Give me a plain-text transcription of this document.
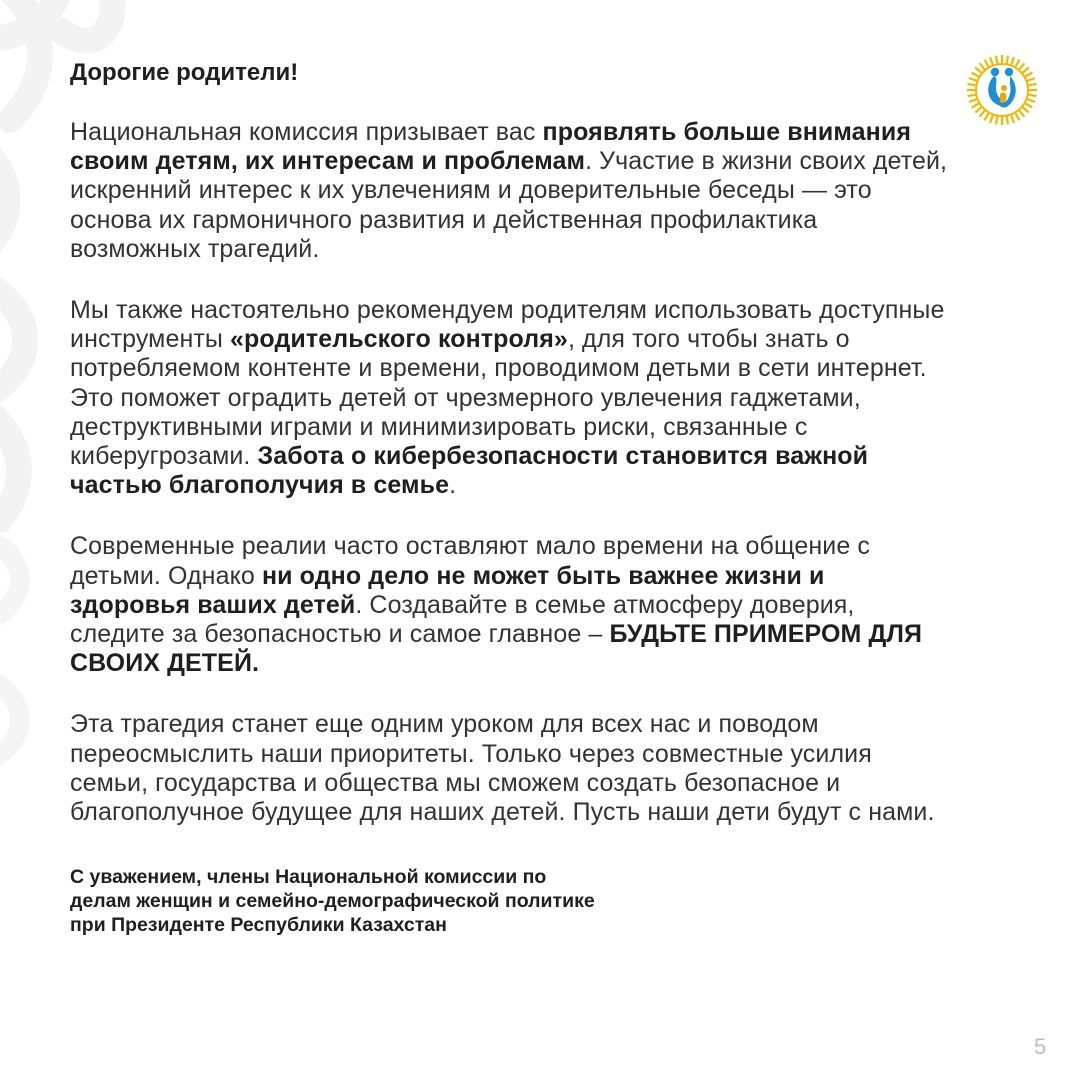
Дорогие родители!

Национальная комиссия призывает вас проявлять больше внимания своим детям, их интересам и проблемам. Участие в жизни своих детей, искренний интерес к их увлечениям и доверительные беседы — это основа их гармоничного развития и действенная профилактика возможных трагедий.

Мы также настоятельно рекомендуем родителям использовать доступные инструменты «родительского контроля», для того чтобы знать о потребляемом контенте и времени, проводимом детьми в сети интернет. Это поможет оградить детей от чрезмерного увлечения гаджетами, деструктивными играми и минимизировать риски, связанные с киберугрозами. Забота о кибербезопасности становится важной частью благополучия в семье.

Современные реалии часто оставляют мало времени на общение с детьми. Однако ни одно дело не может быть важнее жизни и здоровья ваших детей. Создавайте в семье атмосферу доверия, следите за безопасностью и самое главное – БУДЬТЕ ПРИМЕРОМ ДЛЯ СВОИХ ДЕТЕЙ.

Эта трагедия станет еще одним уроком для всех нас и поводом переосмыслить наши приоритеты. Только через совместные усилия семьи, государства и общества мы сможем создать безопасное и благополучное будущее для наших детей. Пусть наши дети будут с нами.

С уважением, члены Национальной комиссии по
делам женщин и семейно-демографической политике
при Президенте Республики Казахстан
5
